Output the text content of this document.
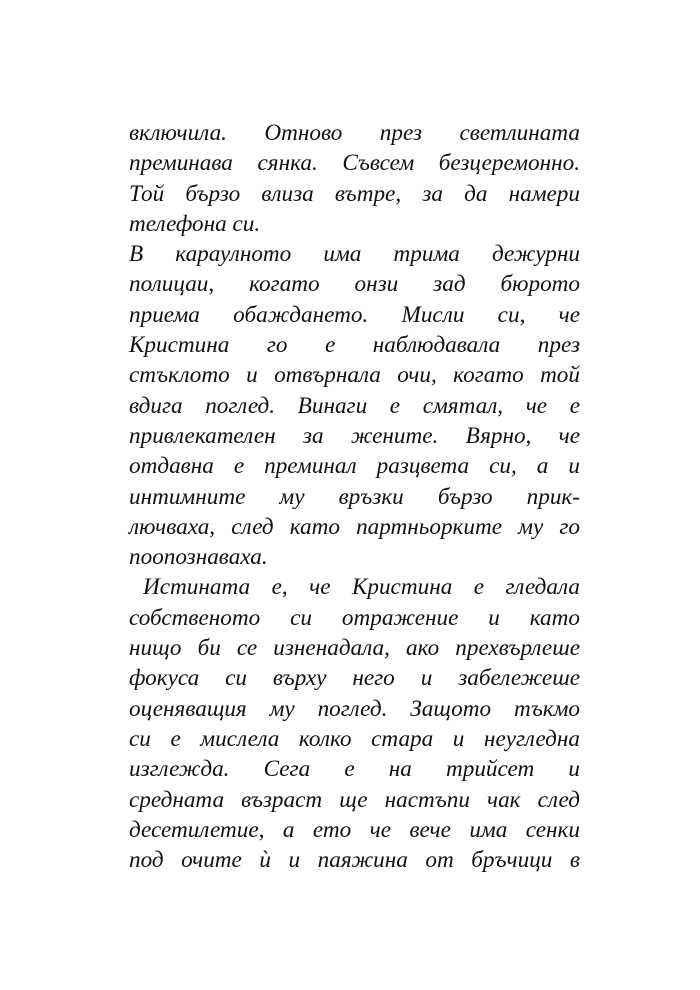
включила. Отново през светлината
преминава сянка. Съвсем безцеремонно.
Той бързо влиза вътре, за да намери
телефона си.
В караулното има трима дежурни
полицаи, когато онзи зад бюрото
приема обаждането. Мисли си, че
Кристина го е наблюдавала през
стъклото и отвърнала очи, когато той
вдига поглед. Винаги е смятал, че е
привлекателен за жените. Вярно, че
отдавна е преминал разцвета си, а и
интимните му връзки бързо прик-
лючваха, след като партньорките му го
поопознаваха.
Истината е, че Кристина е гледала
собственото си отражение и като
нищо би се изненадала, ако прехвърлеше
фокуса си върху него и забележеше
оценяващия му поглед. Защото тъкмо
си е мислела колко стара и неугледна
изглежда. Сега е на трийсет и
средната възраст ще настъпи чак след
десетилетие, а ето че вече има сенки
под очите ѝ и паяжина от бръчици в
